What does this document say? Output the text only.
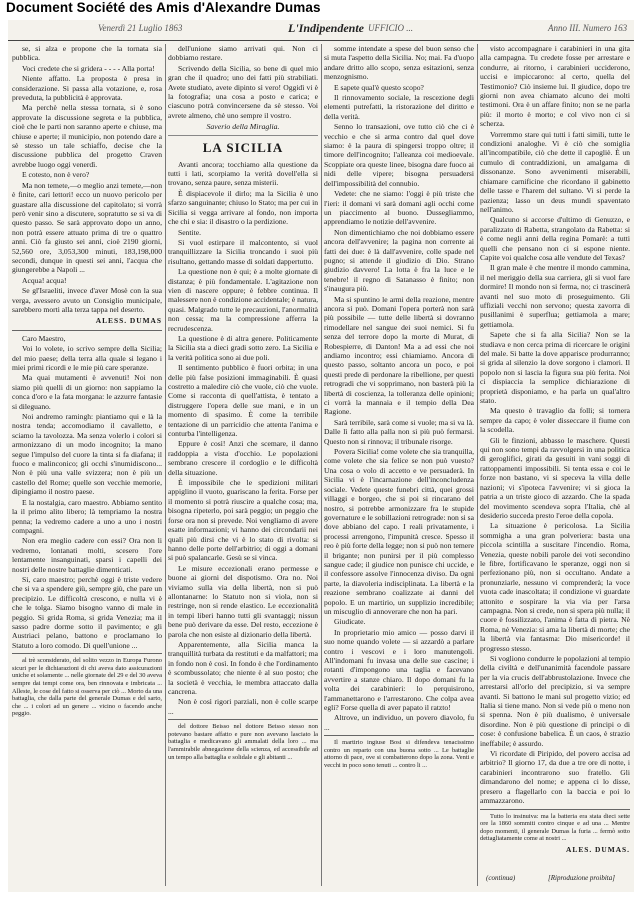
Document Société des Amis d'Alexandre Dumas
Venerdì 21 Luglio 1863	L'Indipendente UFFICIO ...	Anno III. Numero 163

se, si alza e propone che la tornata sia pubblica.

Voci credete che si gridera - - - - Alla porta!

Niente affatto. La proposta è presa in considerazione. Si passa alla votazione, e, rosa preveduta, la pubblicità è approvata.

Ma perchè nella stessa tornata, si è sono approvate la discussione segreta e la pubblica, cioè che le parti non saranno aperte e chiuse, ma chiuse e aperte; il municipio, non potendo dare a sè stesso un tale schiaffo, decise che la discussione pubblica del progetto Craven avrebbe luogo oggi venerdì.

E cotesto, non è vero?

Ma non temete,—o meglio anzi temete,—non è finite, cari lettori! ecco un nuovo pericolo per guastare alla discussione del capitolato; si vorrà però venir sino a discutere, sopratutto se si va di questo passo. Se sarà approvato dopo un anno, non potrà essere attuato prima di tre o quattro anni. Ciò fa giusto sei anni, cioè 2190 giorni, 52,560 ore, 3,053,300 minuti, 183,198,000 secondi, dunque in questi sei anni, l'acqua che giungerebbe a Napoli ...

Acqua! acqua!

Se gl'Israeliti, invece d'aver Mosè con la sua verga, avessero avuto un Consiglio municipale, sarebbero morti alla terza tappa nel deserto.

ALESS. DUMAS

Caro Maestro,

Voi lo volete, io scrivo sempre della Sicilia; del mio paese; della terra alla quale si legano i miei primi ricordi e le mie più care speranze.

Ma quai mutamenti è avvenuti! Noi non siamo più quelli di un giorno: non sappiamo la conca d'oro e la fata morgana: le azzurre fantasie si dileguano.

Noi andremo ramingh: piantiamo qui e là la nostra tenda; accomodiamo il cavalletto, e sciamo la tavolozza. Ma senza volerlo i colori si armonizzano di un modo incognito; la mano segue l'impulso del cuore la tinta si fa diafana; il fuoco e malinconico; gli occhi s'inumidiscono... Non è più una valle svizzera; non è più un castello del Rome; quelle son vecchie memorie, dipingiamo il nostro paese.

E la nostalgia, caro maestro. Abbiamo sentito la il primo alito libero; là tempriamo la nostra penna; la vedremo cadere a uno a uno i nostri compagni.

Non era meglio cadere con essi? Ora non li vedremo, lontanati molti, scesero l'ore lentamente insanguinati, sparsi i capelli dei nostri delle nostre battaglie dimenticati.

Si, caro maestro; perchè oggi è triste vedere che si va a spendere giù, sempre giù, che pare un precipizio. Le difficoltà crescono, e nulla vi è che le tolga. Siamo bisogno vanno di male in peggio. Si grida Roma, si grida Venezia; ma il sasso padre dorme sotto il pavimento; e gli Austriaci pelano, battono e proclamano lo Statuto a loro comodo. Di quell'unione ...

al trè sconsiderato, del solito vezzo in Europa Furono sicuri per le dichiarazioni di chi aveva dato assicurazioni uniche et solamente ... nelle giornate del 29 e del 30 aveva sempre dai tempi come ora, ben rinnovata e imbricata ... Alleste, le cose del fatto si osserva per ciò ... Morto da una battaglia, che dalla parte del generale Dumas e del sarto, che ... i colori ad un genere ... vicino o facendo anche peggio.

dell'unione siamo arrivati qui. Non ci dobbiamo restare.

Scrivendo della Sicilia, so bene di quel mio gran che il quadro; uno dei fatti più strabiliati. Avete studiato, avete dipinto sì vero! Oggidì vi è la fotografia; una cosa a posto e carica; e ciascuno potrà convincersene da sè stesso. Voi avrete almeno, chè uno sempre il vostro.

Saverio della Miraglia.
LA SICILIA

Avanti ancora; tocchiamo alla questione da tutti i lati, scorpiamo la verità dovell'ella si trovano, senza paure, senza misterii.

È dispiacevole il dirlo; ma la Sicilia è uno sfarzo sanguinante; chiuso lo Stato; ma per cui in Sicilia si vegga arrivare al fondo, non importa che chi e sia: il disastro o la perdizione.

Sentite.

Si vuol estirpare il malcontento, si vuol tranquillizzare la Sicilia troncando i suoi più risultano, gettando masse di soldati dappertutto.

La questione non è qui; è a molte giornate di distanza; è più fondamentale. L'agitazione non vien di nascere oppure; è febbre continua. Il malessere non è condizione accidentale; è natura, quasi. Malgrado tutte le precauzioni, l'anormalità non cessa; ma la compressione afferra la recrudescenza.

La questione è di altra genere. Politicamente la Sicilia sta a dieci gradi sotto zero. La Sicilia e la verità politica sono ai due poli.

Il sentimento pubblico è fuori orbita; in una delle più false posizioni immaginabili. È quasi costretto a maledire ciò che vuole, ciò che vuole. Come si racconta di quell'attista, è tentato a distruggere l'opera delle sue mani, e in un momento di spasimo. È come la terribile tentazione di un parricidio che attenta l'anima e conturba l'intelligenza.

Eppure è così! Anzi che scemare, il danno raddoppia a vista d'occhio. Le popolazioni sembrano crescere il cordoglio e le difficoltà della situazione.

È impossibile che le spedizioni militari appiglino il vuoto, guariscano la ferita. Forse per il momento si potrà riuscire a qualche cosa; ma, bisogna ripeterlo, poi sarà peggio; un peggio che forse ora non si prevede. Noi vengliamo di avere esatte informazioni; vi hanno dei circondarii nei quali più dirsi che vi è lo stato di rivolta: si hanno delle porte dell'arbitrio; di oggi a domani si può spalancarle. Gesù se si vinca.

Le misure eccezionali erano permesse e buone ai giorni del dispotismo. Ora no. Noi viviamo sulla via della libertà, non si può allontanarne: lo Statuto non si viola, non si restringe, non si rende elastico. Le eccezionalità in tempi liberi hanno tutti gli svantaggi; nissun bene può derivare da esse. Del resto, eccezione è parola che non esiste al dizionario della libertà.

Apparentemente, alla Sicilia manca la tranquillità turbata da restituti e da malfattori; ma in fondo non è così. In fondo è che l'ordinamento è scombussolato; che niente è al suo posto; che la società è vecchia, le membra attaccato dalla cancrena.

Non è così rigori parziali, non è colle scarpe ...

del dottore Beisso nel dottore Beisso stesso non potevano bastare affatto e pure non avevano lasciato la battaglia e medicavano gli ammalati della loro ... ma l'ammirabile abnegazione della scienza, ed accessibile ad un tempo alla battaglia e solidale e gli abitanti ...

somme intendate a spese del buon senso che si muta l'aspetto della Sicilia. No; mai. Fa d'uopo andare dritto allo scopo, senza esitazioni, senza menzognismo.

E sapete qual'è questo scopo?

Il rinnovamento sociale, la rescezione degli elementi putrefatti, la ristorazione del diritto e della verità.

Senno lo transazioni, ove tutto ciò che ci è vecchio e che si arma contro dal quel dove siamo: è la paura di spingersi troppo oltre; il timore dell'incognito; l'alleanza coi medioevale. Scoppiate ora queste linee, bisogna dare fuoco ai nidi delle vipere; bisogna persuadersi dell'impossibilità del connubio.

Vedete: che ne siamo: l'oggi è più triste che l'ieri: il domani vi sarà domani agli occhi come un piaccimento al buono. Dussegliammo, apprendiamo le notizie dell'avvenire.

Non dimentichiamo che noi dobbiamo essere ancora dell'avvenire; la pagina non corrente ai fatti dei due: è là dall'avvenire, colle spade nel pugno; si attende il giudizio di Dio. Strano giudizio davvero! La lotta è fra la luce e le tenebre! il regno di Satanasso è finito; non s'inaugura più.

Ma si spuntino le armi della reazione, mentre ancora si può. Domani l'opera porterà non sarà più possibile — tutte delle libertà si dovranno rimodellare nel sangue dei suoi nemici. Si fu senza del terrore dopo la morte di Murat, di Robespierre, di Danton! Ma a ad essi che noi andiamo incontro; essi chiamiamo. Ancora di questo passo, soltanto ancora un poco, e poi questi prede di perdonare la ribellione, per questi retrogradi che vi sopprimano, non basterà più la libertà di coscienza, la tolleranza delle opinioni; ci vorrà la mannaia e il tempio della Dea Ragione.

Sarà terribile, sarà come si vuole; ma si va là. Dalle lì fatto alla palla non si più può fermarsi. Questo non si rinnova; il tribunale risorge.

Povera Sicilia! come volete che sia tranquilla, come volete che sia felice se non può vuesto? Una cosa o volo di accetto e ve persuaderà. In Sicilia vi è l'incarnazione dell'inconcludenza sociale. Vedete queste funebri città, quei grossi villaggi e borgeo, che si poi si rincarano del nostro, si potrebbe armonizzare fra le stupide governature e le sobillazioni retrograde: non si sa dove abbiano del capo. I reali privatamente, i processi arrengono, l'impunità cresce. Spesso il reo è più forte della legge; non si può non temere il brigante; non punirsi per il più complesso sangue cade; il giudice non punisce chi uccide, e il confessore assolve l'innocenza diviso. Da ogni parte, la diavoleria indisciplinata. La libertà e la reazione sembrano coalizzate ai danni del popolo. E un martirio, un supplizio incredibile; un miscuglio di annoverare che non ha pari.

Giudicate.

In proprietario mio amico — posso darvi il suo nome quando volete — si azzardò a parlare contro i vescovi e i loro manutengoli. All'indomani fu invasa una delle sue cascine; i rotanti d'impongono una taglia e facevano avvertire a stanze chiaro. Il dopo domani fu la volta dei carabinieri: lo perquisirono, l'ammanettarono e l'arrestarono. Che colpa avea egli? Forse quella di aver papato il ratzto!

Altrove, un individuo, un povero diavolo, fu ...

Il martirio ingiuse Bosi si difendeva tenacissimo contro un reparto con una buona sotto ... Le battaglie attorno di pace, ove si combatterono dopo la zona. Venti e vecchi in poco sono tenuti ... contro li ...

visto accompagnare i carabinieri in una gita alla campagna. Tu credete fosse per arrestare e condurre, ai ritorno, i carabinieri ucciderono, uccisi e impiccarono: al certo, quella del Testimonio? Ciò insieme lui. Il giudice, dopo tre giorni non avea chiamato alcuno dei molti testimoni. Ora è un affare finito; non se ne parla più: il morto è morto; e col vivo non ci si scherza.

Vorremmo stare qui tutti i fatti simili, tutte le condizioni analoghe. Vi è ciò che somiglia all'incompatibile, ciò che dette il capogliè. È un cumulo di contraddizioni, un amalgama di dissonanze. Sono avvenimenti miserabili, chiamare carnificine che ricordano il gabinetto delle tasse e l'harem del sultano. Vi si perde la pazienza; lasso un deus mundi spaventato nell'animo.

Qualcuno si accorse d'ultimo di Genuzzo, e paralizzato di Rabetta, strangolato da Rabetta: si è come negli anni della regina Pomarè: a tutti quelli che pensano non ci si espone niente. Capite voi qualche cosa alle vendute del Texas?

Il gran male è che mentre il mondo cammina, il nel meriggio della sua carriera, gli si vuol fare dormire! Il mondo non si ferma, no; ci trascinerà avanti nel suo moto di proseguimento. Gli uffiziali vecchi non servono; questa zavorra di pusillanimi è superflua; gettiamola a mare; gettiamola.

Sapete che si fa alla Sicilia? Non se la studiava e non cerca prima di ricercare le origini del male. Si batte la dove apparisce produrranno; si grida al silenzio la dove sorgono i clamori. Il popolo non si lascia la figura sua più ferita. Noi ci dispiaccia la semplice dichiarazione di proprietà disponiamo, e ha parla un qual'altro stato.

Ma questo è travaglio da folli; si tornera sempre da capo; è voler disseccare il fiume con la scodella.

Gli le finzioni, abbasso le maschere. Questi qui non sono tempi da ravvolgersi in una politica di geroglifici, girati da gesuiti in vani soggi di rattoppamenti impossibili. Si tenta essa e coi le forze non bastano, vi si speceva la villa delle nazioni; vi s'ipoteca l'avvenire; vi si gioca la patria a un triste gioco di azzardo. Che la spada del movimento scendeva sopra l'Italia, chè al desiderio succeda presto l'eroe della copola.

La situazione è pericolosa. La Sicilia sommigha a una gran polveriera: basta una piccola scintilla a suscitare l'incendio. Roma, Venezia, queste nobili parole dei voti secondino le fibre, fortificavano le speranze, oggi non si perfezionano più, non si occultano. Andate a pronunziarle, nessuno vi comprenderà; la voce vuota cade inascoltata; il condizione vi guardate attonito e sospirare la via via per l'arsa campagna. Non si crede, non si spera più nulla; il cuore è fossilizzato, l'anima è fatta di pietra. Nè Roma, nè Venezia: si ama la libertà di morte; che la libertà via fantasma: Dio misericorde! il progresso stesso.

Si vogliono condurre le popolazioni al tempio della civiltà e dell'unanimità facendole passare per la via crucis dell'abbrustolazione. Invece che arrestarsi all'orlo del precipizio, si va sempre avanti. Si battono le mani sul progetto vizio; ed Italia si tiene mano. Non si vede più o meno non si spenna. Non è più dualismo, è universale disordine. Non è più questione di principi o di cose: è confusione babelica. È un caos, è strazio ineffabile; è assurdo.

Vi ricordate di Piripido, del povero accisa ad arbitrio? Il giorno 17, da due a tre ore di notte, i carabinieri incontrarono suo fratello. Gli dimandarono del nome; e appena ci lo disse, presero a flagellarlo con la baccia e poi lo ammazzarono.

Tutto lo insinuiva: ma la batteria era stata dieci sette ore la 1860 sommiti contro cinque e ad una ... Mentre dopo momenti, il generale Dumas la furia ... fermò sotto dettagliatamente come ai nostri ...

ALES. DUMAS.
(continua)	[Riproduzione proibita]
